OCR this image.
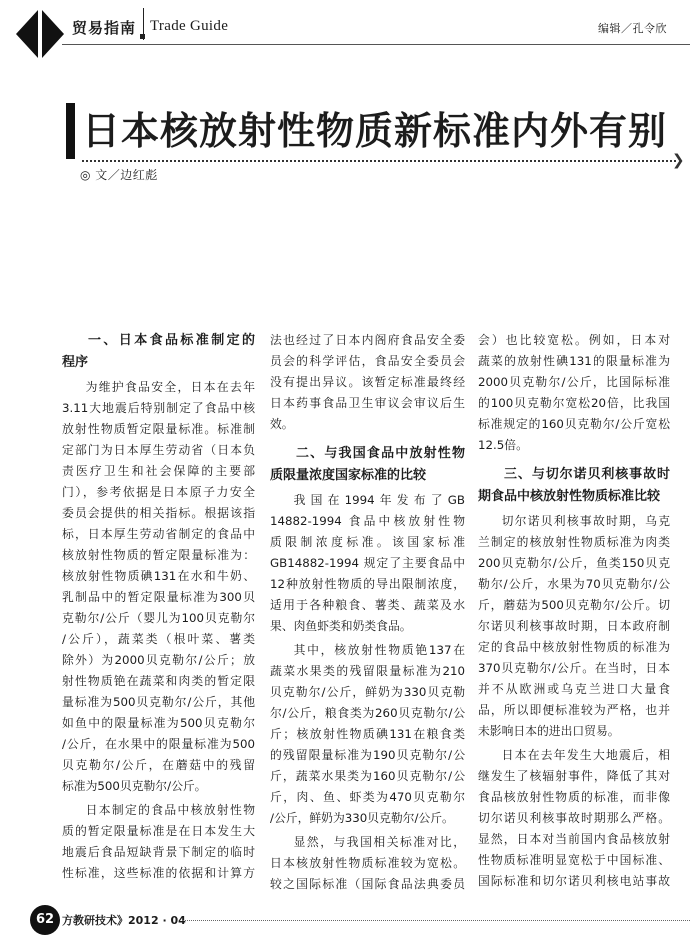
贸易指南 Trade Guide	编辑／孔令欣
日本核放射性物质新标准内外有别
❯
◎ 文／边红彪
一、日本食品标准制定的
程序
为维护食品安全，日本在去年
3.11大地震后特别制定了食品中核
放射性物质暂定限量标准。标准制
定部门为日本厚生劳动省（日本负
责医疗卫生和社会保障的主要部
门），参考依据是日本原子力安全
委员会提供的相关指标。根据该指
标，日本厚生劳动省制定的食品中
核放射性物质的暂定限量标准为：
核放射性物质碘131在水和牛奶、
乳制品中的暂定限量标准为300贝
克勒尔/公斤（婴儿为100贝克勒尔
/公斤），蔬菜类（根叶菜、薯类
除外）为2000贝克勒尔/公斤；放
射性物质铯在蔬菜和肉类的暂定限
量标准为500贝克勒尔/公斤，其他
如鱼中的限量标准为500贝克勒尔
/公斤，在水果中的限量标准为500
贝克勒尔/公斤，在蘑菇中的残留
标准为500贝克勒尔/公斤。
日本制定的食品中核放射性物
质的暂定限量标准是在日本发生大
地震后食品短缺背景下制定的临时
性标准，这些标准的依据和计算方
法也经过了日本内阁府食品安全委
员会的科学评估，食品安全委员会
没有提出异议。该暂定标准最终经
日本药事食品卫生审议会审议后生
效。
二、与我国食品中放射性物
质限量浓度国家标准的比较
我国在1994年发布了GB
14882-1994 食品中核放射性物
质限制浓度标准。该国家标准
GB14882-1994 规定了主要食品中
12种放射性物质的导出限制浓度，
适用于各种粮食、薯类、蔬菜及水
果、肉鱼虾类和奶类食品。
其中，核放射性物质铯137在
蔬菜水果类的残留限量标准为210
贝克勒尔/公斤，鲜奶为330贝克勒
尔/公斤，粮食类为260贝克勒尔/公
斤；核放射性物质碘131在粮食类
的残留限量标准为190贝克勒尔/公
斤，蔬菜水果类为160贝克勒尔/公
斤，肉、鱼、虾类为470贝克勒尔
/公斤，鲜奶为330贝克勒尔/公斤。
显然，与我国相关标准对比，
日本核放射性物质标准较为宽松。
较之国际标准（国际食品法典委员
会）也比较宽松。例如，日本对
蔬菜的放射性碘131的限量标准为
2000贝克勒尔/公斤，比国际标准
的100贝克勒尔宽松20倍，比我国
标准规定的160贝克勒尔/公斤宽松
12.5倍。
三、与切尔诺贝利核事故时
期食品中核放射性物质标准比较
切尔诺贝利核事故时期，乌克
兰制定的核放射性物质标准为肉类
200贝克勒尔/公斤，鱼类150贝克
勒尔/公斤，水果为70贝克勒尔/公
斤，蘑菇为500贝克勒尔/公斤。切
尔诺贝利核事故时期，日本政府制
定的食品中核放射性物质的标准为
370贝克勒尔/公斤。在当时，日本
并不从欧洲或乌克兰进口大量食
品，所以即便标准较为严格，也并
未影响日本的进出口贸易。
日本在去年发生大地震后，相
继发生了核辐射事件，降低了其对
食品核放射性物质的标准，而非像
切尔诺贝利核事故时期那么严格。
显然，日本对当前国内食品核放射
性物质标准明显宽松于中国标准、
国际标准和切尔诺贝利核电站事故
62 方教研技术》2012 · 04
